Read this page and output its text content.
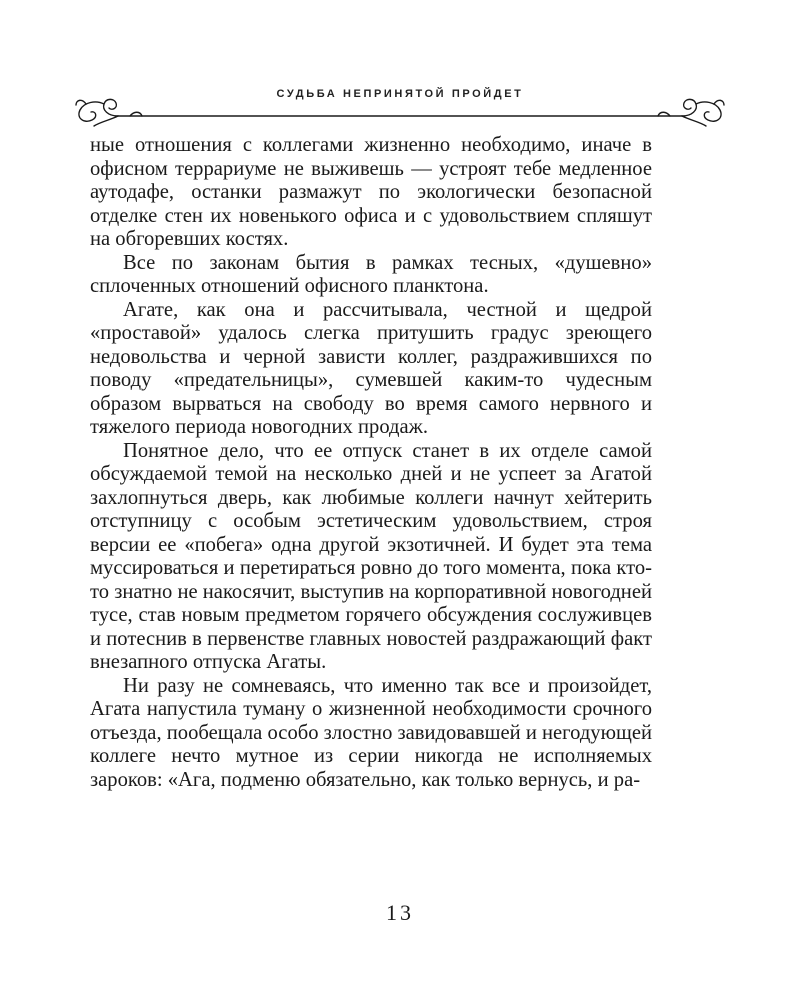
СУДЬБА НЕПРИНЯТОЙ ПРОЙДЕТ

ные отношения с коллегами жизненно необходимо, иначе в офисном террариуме не выживешь — устроят тебе медленное аутодафе, останки размажут по экологически безопасной отделке стен их новенького офиса и с удовольствием спляшут на обгоревших костях.

Все по законам бытия в рамках тесных, «душевно» сплоченных отношений офисного планктона.

Агате, как она и рассчитывала, честной и щедрой «проставой» удалось слегка притушить градус зреющего недовольства и черной зависти коллег, раздражившихся по поводу «предательницы», сумевшей каким-то чудесным образом вырваться на свободу во время самого нервного и тяжелого периода новогодних продаж.

Понятное дело, что ее отпуск станет в их отделе самой обсуждаемой темой на несколько дней и не успеет за Агатой захлопнуться дверь, как любимые коллеги начнут хейтерить отступницу с особым эстетическим удовольствием, строя версии ее «побега» одна другой экзотичней. И будет эта тема муссироваться и перетираться ровно до того момента, пока кто-то знатно не накосячит, выступив на корпоративной новогодней тусе, став новым предметом горячего обсуждения сослуживцев и потеснив в первенстве главных новостей раздражающий факт внезапного отпуска Агаты.

Ни разу не сомневаясь, что именно так все и произойдет, Агата напустила туману о жизненной необходимости срочного отъезда, пообещала особо злостно завидовавшей и негодующей коллеге нечто мутное из серии никогда не исполняемых зароков: «Ага, подменю обязательно, как только вернусь, и ра-

13
